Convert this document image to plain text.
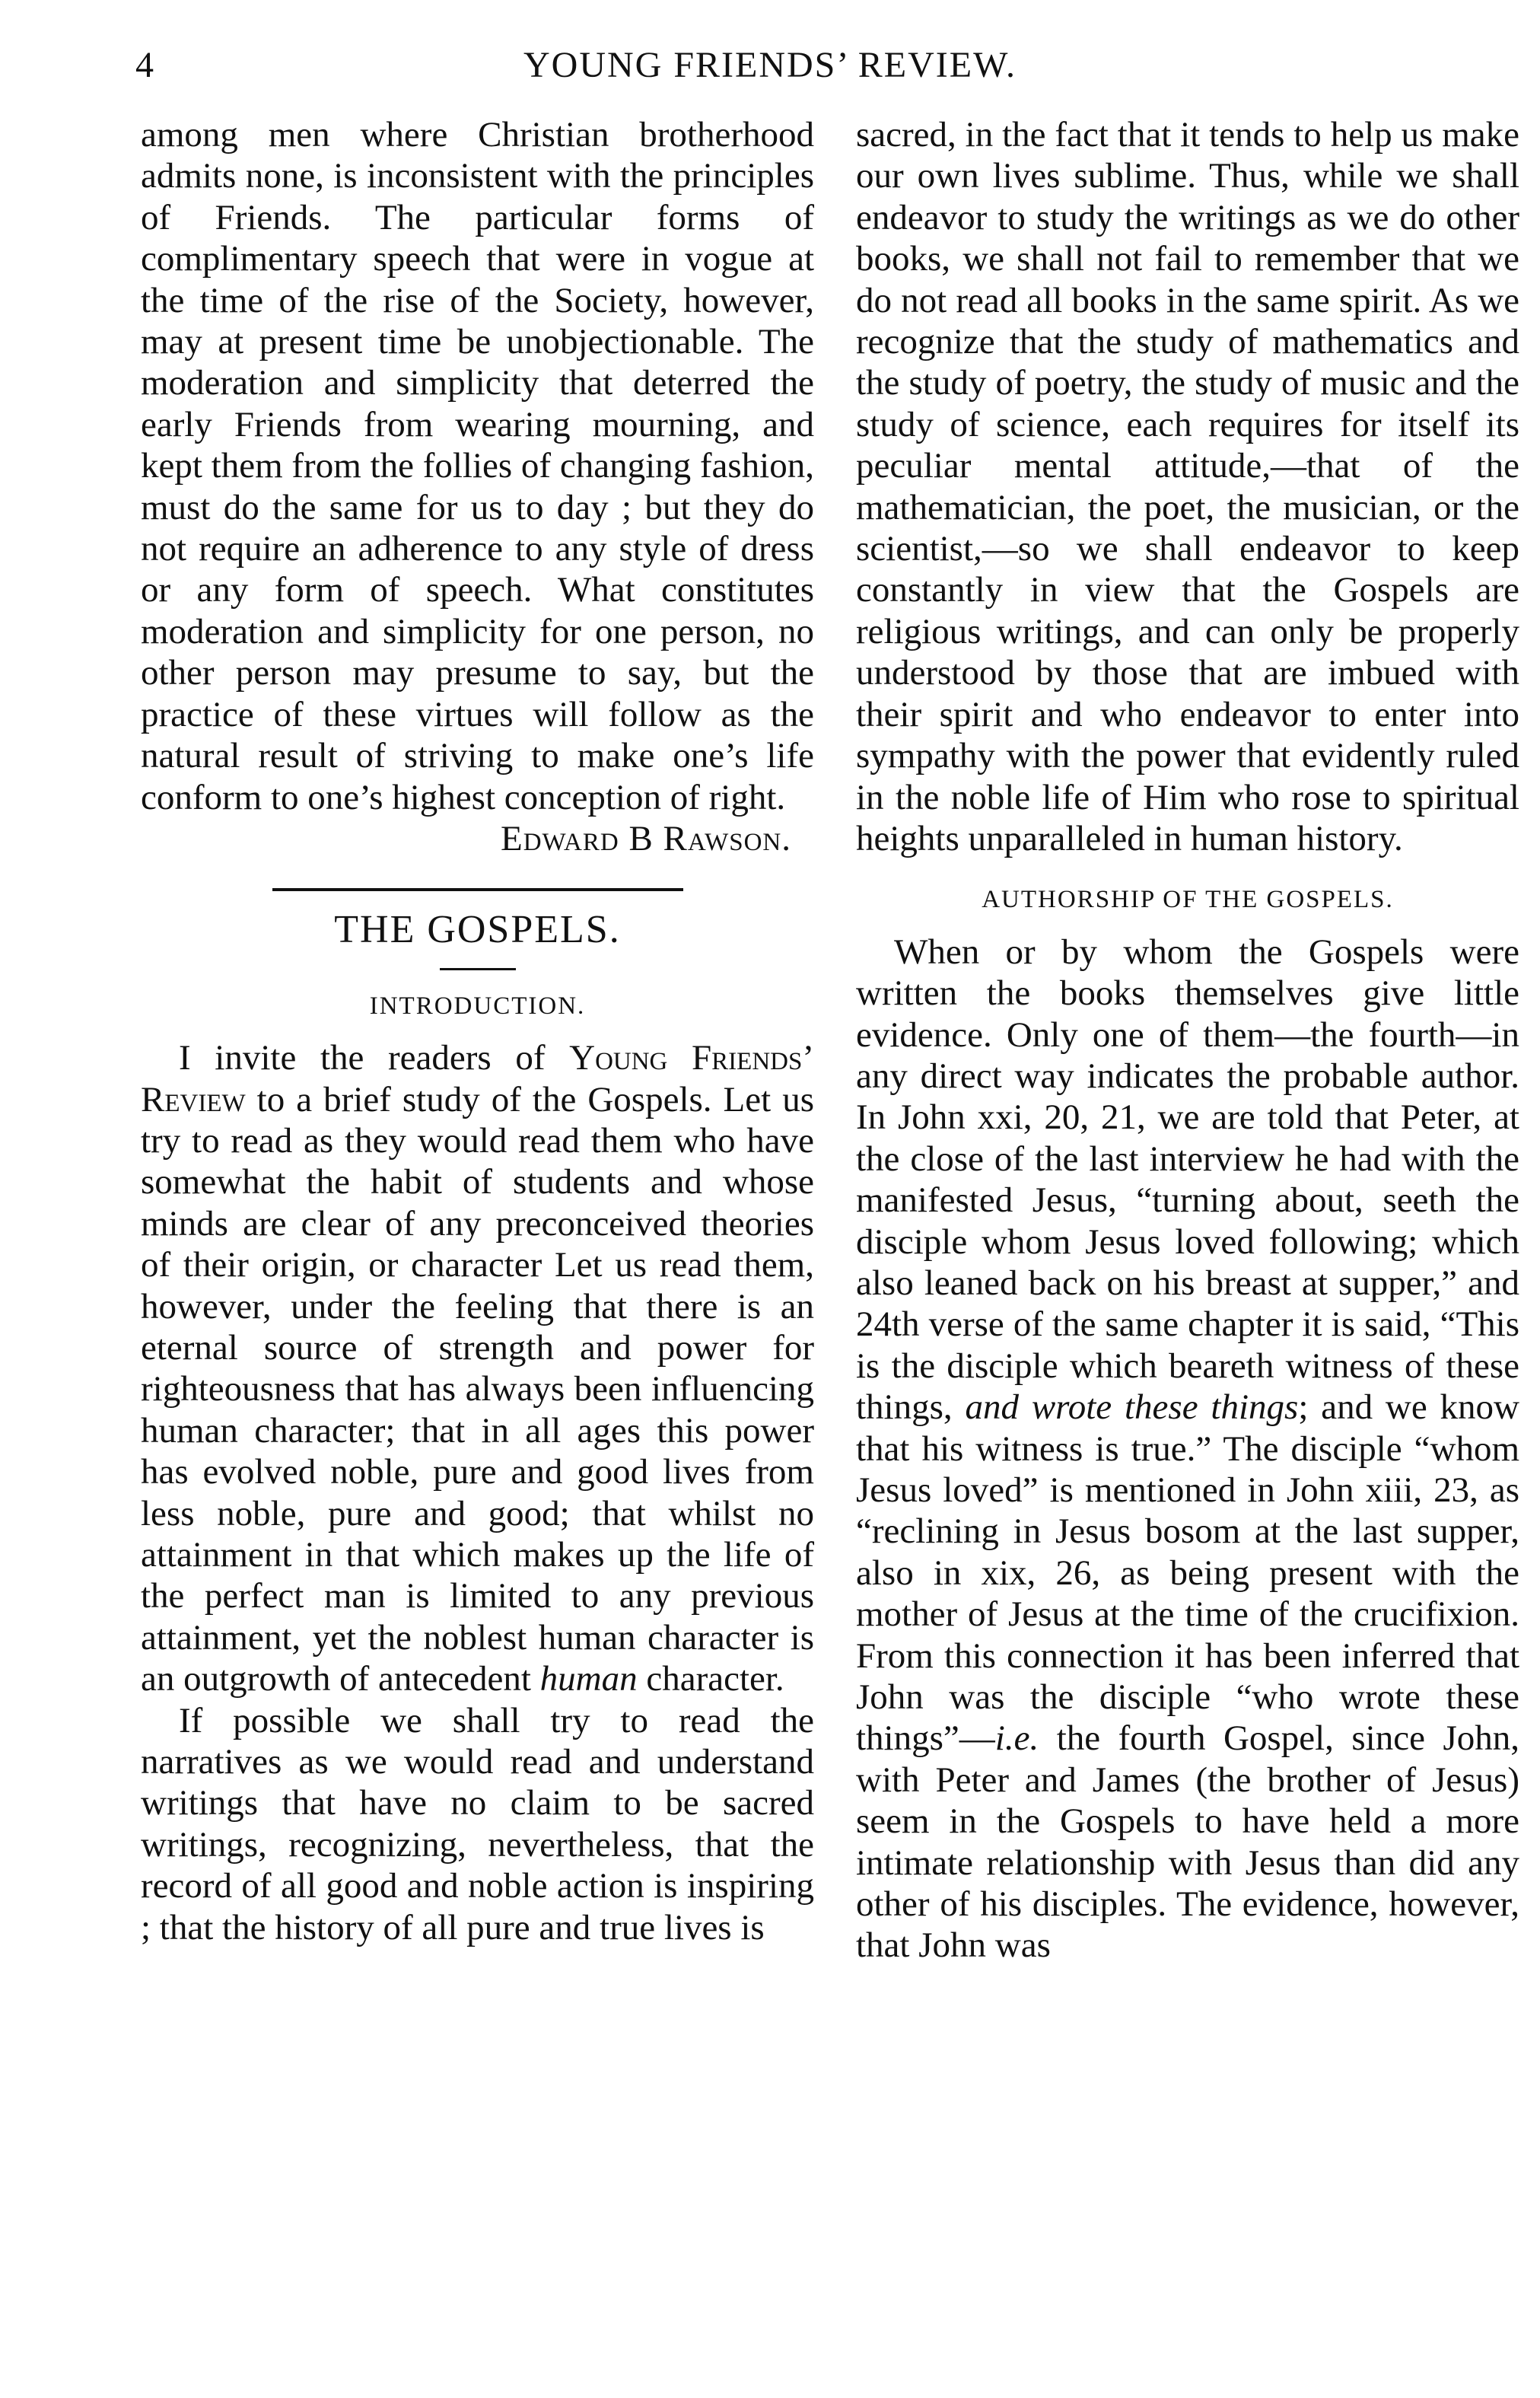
4	YOUNG FRIENDS’ REVIEW.

among men where Christian brotherhood admits none, is inconsistent with the principles of Friends. The particular forms of complimentary speech that were in vogue at the time of the rise of the Society, however, may at present time be unobjectionable. The moderation and simplicity that deterred the early Friends from wearing mourning, and kept them from the follies of changing fashion, must do the same for us to day ; but they do not require an adherence to any style of dress or any form of speech. What constitutes moderation and simplicity for one person, no other person may presume to say, but the practice of these virtues will follow as the natural result of striving to make one’s life conform to one’s highest conception of right.

Edward B Rawson.

THE GOSPELS.
INTRODUCTION.

I invite the readers of Young Friends’ Review to a brief study of the Gospels. Let us try to read as they would read them who have somewhat the habit of students and whose minds are clear of any preconceived theories of their origin, or character Let us read them, however, under the feeling that there is an eternal source of strength and power for righteousness that has always been influencing human character; that in all ages this power has evolved noble, pure and good lives from less noble, pure and good; that whilst no attainment in that which makes up the life of the perfect man is limited to any previous attainment, yet the noblest human character is an outgrowth of antecedent human character.

If possible we shall try to read the narratives as we would read and understand writings that have no claim to be sacred writings, recognizing, nevertheless, that the record of all good and noble action is inspiring ; that the history of all pure and true lives is

sacred, in the fact that it tends to help us make our own lives sublime. Thus, while we shall endeavor to study the writings as we do other books, we shall not fail to remember that we do not read all books in the same spirit. As we recognize that the study of mathematics and the study of poetry, the study of music and the study of science, each requires for itself its peculiar mental attitude,—that of the mathematician, the poet, the musician, or the scientist,—so we shall endeavor to keep constantly in view that the Gospels are religious writings, and can only be properly understood by those that are imbued with their spirit and who endeavor to enter into sympathy with the power that evidently ruled in the noble life of Him who rose to spiritual heights unparalleled in human history.

AUTHORSHIP OF THE GOSPELS.

When or by whom the Gospels were written the books themselves give little evidence. Only one of them—the fourth—in any direct way indicates the probable author. In John xxi, 20, 21, we are told that Peter, at the close of the last interview he had with the manifested Jesus, “turning about, seeth the disciple whom Jesus loved following; which also leaned back on his breast at supper,” and 24th verse of the same chapter it is said, “This is the disciple which beareth witness of these things, and wrote these things; and we know that his witness is true.” The disciple “whom Jesus loved” is mentioned in John xiii, 23, as “reclining in Jesus bosom at the last supper, also in xix, 26, as being present with the mother of Jesus at the time of the crucifixion. From this connection it has been inferred that John was the disciple “who wrote these things”—i.e. the fourth Gospel, since John, with Peter and James (the brother of Jesus) seem in the Gospels to have held a more intimate relationship with Jesus than did any other of his disciples. The evidence, however, that John was
